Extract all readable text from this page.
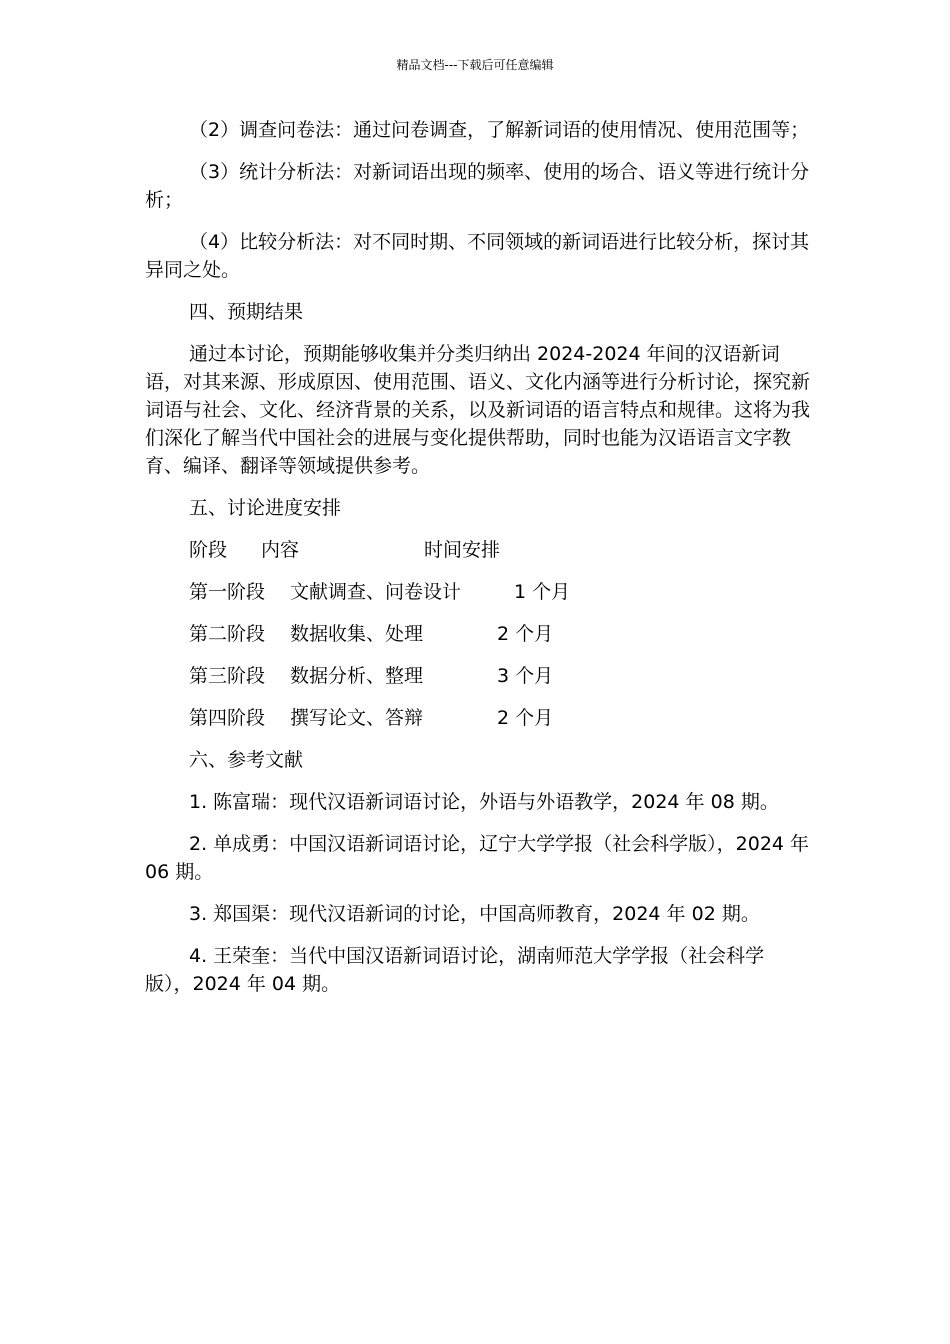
精品文档---下载后可任意编辑

（2）调查问卷法：通过问卷调查，了解新词语的使用情况、使用范围等；

（3）统计分析法：对新词语出现的频率、使用的场合、语义等进行统计分析；

（4）比较分析法：对不同时期、不同领域的新词语进行比较分析，探讨其异同之处。

四、预期结果

通过本讨论，预期能够收集并分类归纳出 2024-2024 年间的汉语新词语，对其来源、形成原因、使用范围、语义、文化内涵等进行分析讨论，探究新词语与社会、文化、经济背景的关系，以及新词语的语言特点和规律。这将为我们深化了解当代中国社会的进展与变化提供帮助，同时也能为汉语语言文字教育、编译、翻译等领域提供参考。

五、讨论进度安排

阶段 内容	时间安排
第一阶段 文献调查、问卷设计	1 个月
第二阶段 数据收集、处理	2 个月
第三阶段 数据分析、整理	3 个月
第四阶段 撰写论文、答辩	2 个月

六、参考文献

1. 陈富瑞：现代汉语新词语讨论，外语与外语教学，2024 年 08 期。

2. 单成勇：中国汉语新词语讨论，辽宁大学学报（社会科学版），2024 年 06 期。

3. 郑国渠：现代汉语新词的讨论，中国高师教育，2024 年 02 期。

4. 王荣奎：当代中国汉语新词语讨论，湖南师范大学学报（社会科学版），2024 年 04 期。
